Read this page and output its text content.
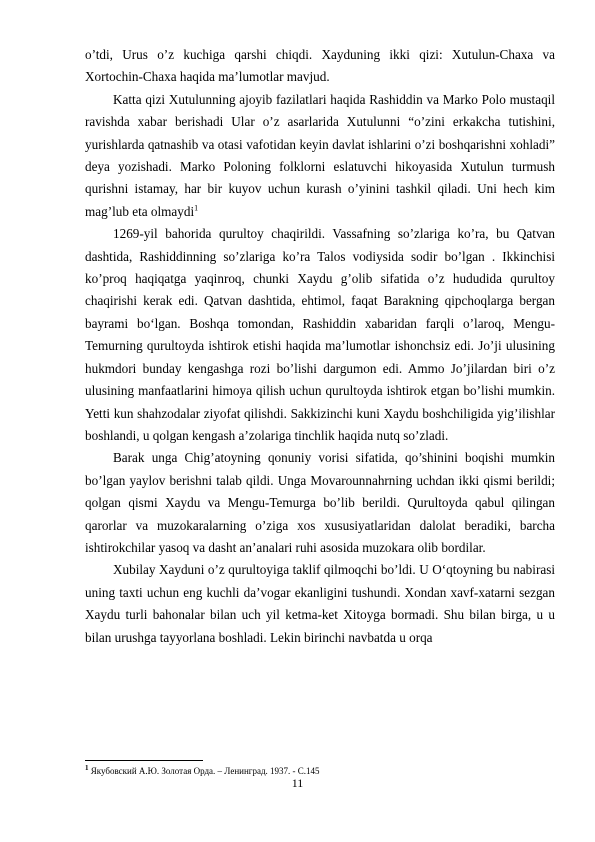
o’tdi, Urus o’z kuchiga qarshi chiqdi. Xayduning ikki qizi: Xutulun-Chaxa va Xortochin-Chaxa haqida ma’lumotlar mavjud.

Katta qizi Xutulunning ajoyib fazilatlari haqida Rashiddin va Marko Polo mustaqil ravishda xabar berishadi Ular o’z asarlarida Xutulunni “o’zini erkakcha tutishini, yurishlarda qatnashib va otasi vafotidan keyin davlat ishlarini o’zi boshqarishni xohladi” deya yozishadi. Marko Poloning folklorni eslatuvchi hikoyasida Xutulun turmush qurishni istamay, har bir kuyov uchun kurash o’yinini tashkil qiladi. Uni hech kim mag’lub eta olmaydi$^1$

1269-yil bahorida qurultoy chaqirildi. Vassafning so’zlariga ko’ra, bu Qatvan dashtida, Rashiddinning so’zlariga ko’ra Talos vodiysida sodir bo’lgan . Ikkinchisi ko’proq haqiqatga yaqinroq, chunki Xaydu g’olib sifatida o’z hududida qurultoy chaqirishi kerak edi. Qatvan dashtida, ehtimol, faqat Barakning qipchoqlarga bergan bayrami bo‘lgan. Boshqa tomondan, Rashiddin xabaridan farqli o’laroq, Mengu-Temurning qurultoyda ishtirok etishi haqida ma’lumotlar ishonchsiz edi. Jo’ji ulusining hukmdori bunday kengashga rozi bo’lishi dargumon edi. Ammo Jo’jilardan biri o’z ulusining manfaatlarini himoya qilish uchun qurultoyda ishtirok etgan bo’lishi mumkin. Yetti kun shahzodalar ziyofat qilishdi. Sakkizinchi kuni Xaydu boshchiligida yig’ilishlar boshlandi, u qolgan kengash a’zolariga tinchlik haqida nutq so’zladi.

Barak unga Chig’atoyning qonuniy vorisi sifatida, qo’shinini boqishi mumkin bo’lgan yaylov berishni talab qildi. Unga Movarounnahrning uchdan ikki qismi berildi; qolgan qismi Xaydu va Mengu-Temurga bo’lib berildi. Qurultoyda qabul qilingan qarorlar va muzokaralarning o’ziga xos xususiyatlaridan dalolat beradiki, barcha ishtirokchilar yasoq va dasht an’analari ruhi asosida muzokara olib bordilar.

Xubilay Xayduni o’z qurultoyiga taklif qilmoqchi bo’ldi. U O‘qtoyning bu nabirasi uning taxti uchun eng kuchli da’vogar ekanligini tushundi. Xondan xavf-xatarni sezgan Xaydu turli bahonalar bilan uch yil ketma-ket Xitoyga bormadi. Shu bilan birga, u u bilan urushga tayyorlana boshladi. Lekin birinchi navbatda u orqa

$^1$ Якубовский А.Ю. Золотая Орда. – Ленинград. 1937. - С.145
11
